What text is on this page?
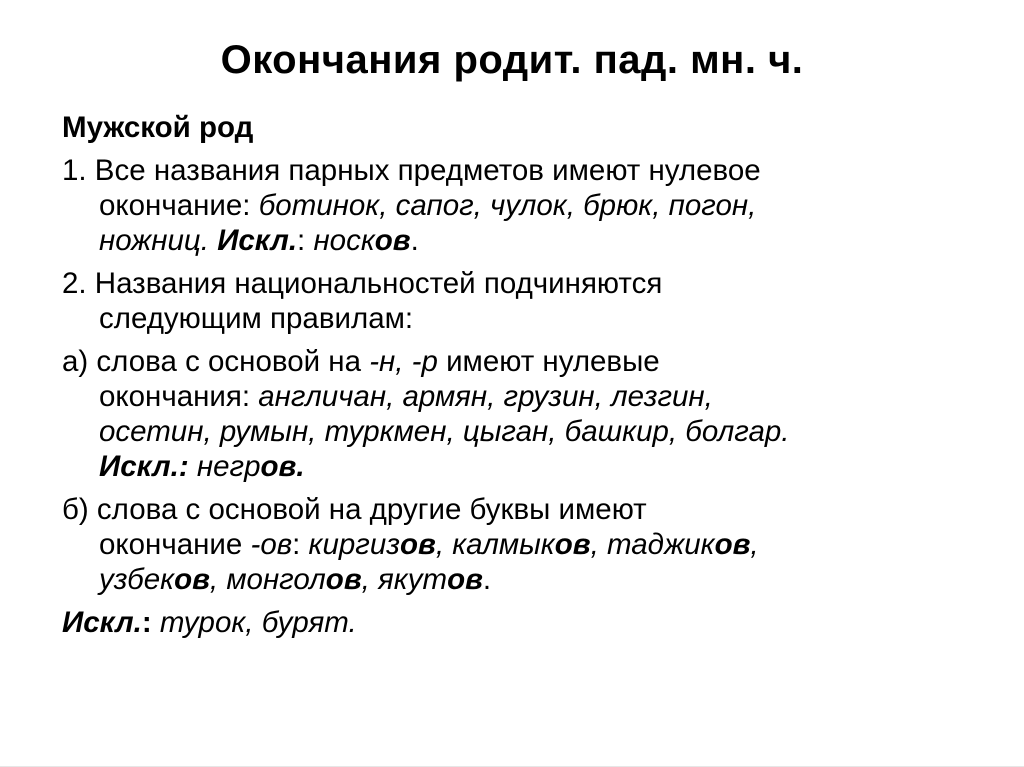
Окончания родит. пад. мн. ч.
Мужской род
1. Все названия парных предметов имеют нулевое
окончание: ботинок, сапог, чулок, брюк, погон,
ножниц. Искл.: носков.
2. Названия национальностей подчиняются
следующим правилам:
а) слова с основой на -н, -р имеют нулевые
окончания: англичан, армян, грузин, лезгин,
осетин, румын, туркмен, цыган, башкир, болгар.
Искл.: негров.
б) слова с основой на другие буквы имеют
окончание -ов: киргизов, калмыков, таджиков,
узбеков, монголов, якутов.
Искл.: турок, бурят.
